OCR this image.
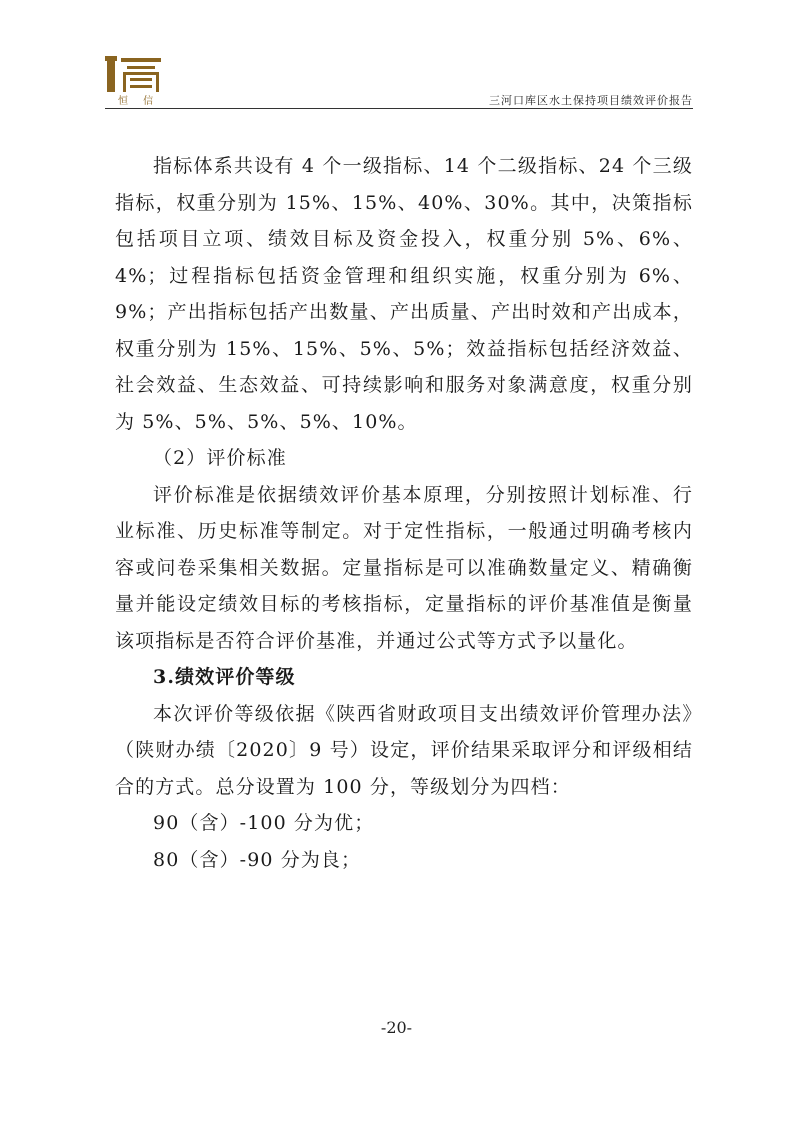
恒 信	三河口库区水土保持项目绩效评价报告

指标体系共设有 4 个一级指标、14 个二级指标、24 个三级指标，权重分别为 15%、15%、40%、30%。其中，决策指标包括项目立项、绩效目标及资金投入，权重分别 5%、6%、4%；过程指标包括资金管理和组织实施，权重分别为 6%、9%；产出指标包括产出数量、产出质量、产出时效和产出成本，权重分别为 15%、15%、5%、5%；效益指标包括经济效益、社会效益、生态效益、可持续影响和服务对象满意度，权重分别为 5%、5%、5%、5%、10%。

（2）评价标准

评价标准是依据绩效评价基本原理，分别按照计划标准、行业标准、历史标准等制定。对于定性指标，一般通过明确考核内容或问卷采集相关数据。定量指标是可以准确数量定义、精确衡量并能设定绩效目标的考核指标，定量指标的评价基准值是衡量该项指标是否符合评价基准，并通过公式等方式予以量化。

3.绩效评价等级

本次评价等级依据《陕西省财政项目支出绩效评价管理办法》（陕财办绩〔2020〕9 号）设定，评价结果采取评分和评级相结合的方式。总分设置为 100 分，等级划分为四档：

90（含）-100 分为优；

80（含）-90 分为良；

-20-
